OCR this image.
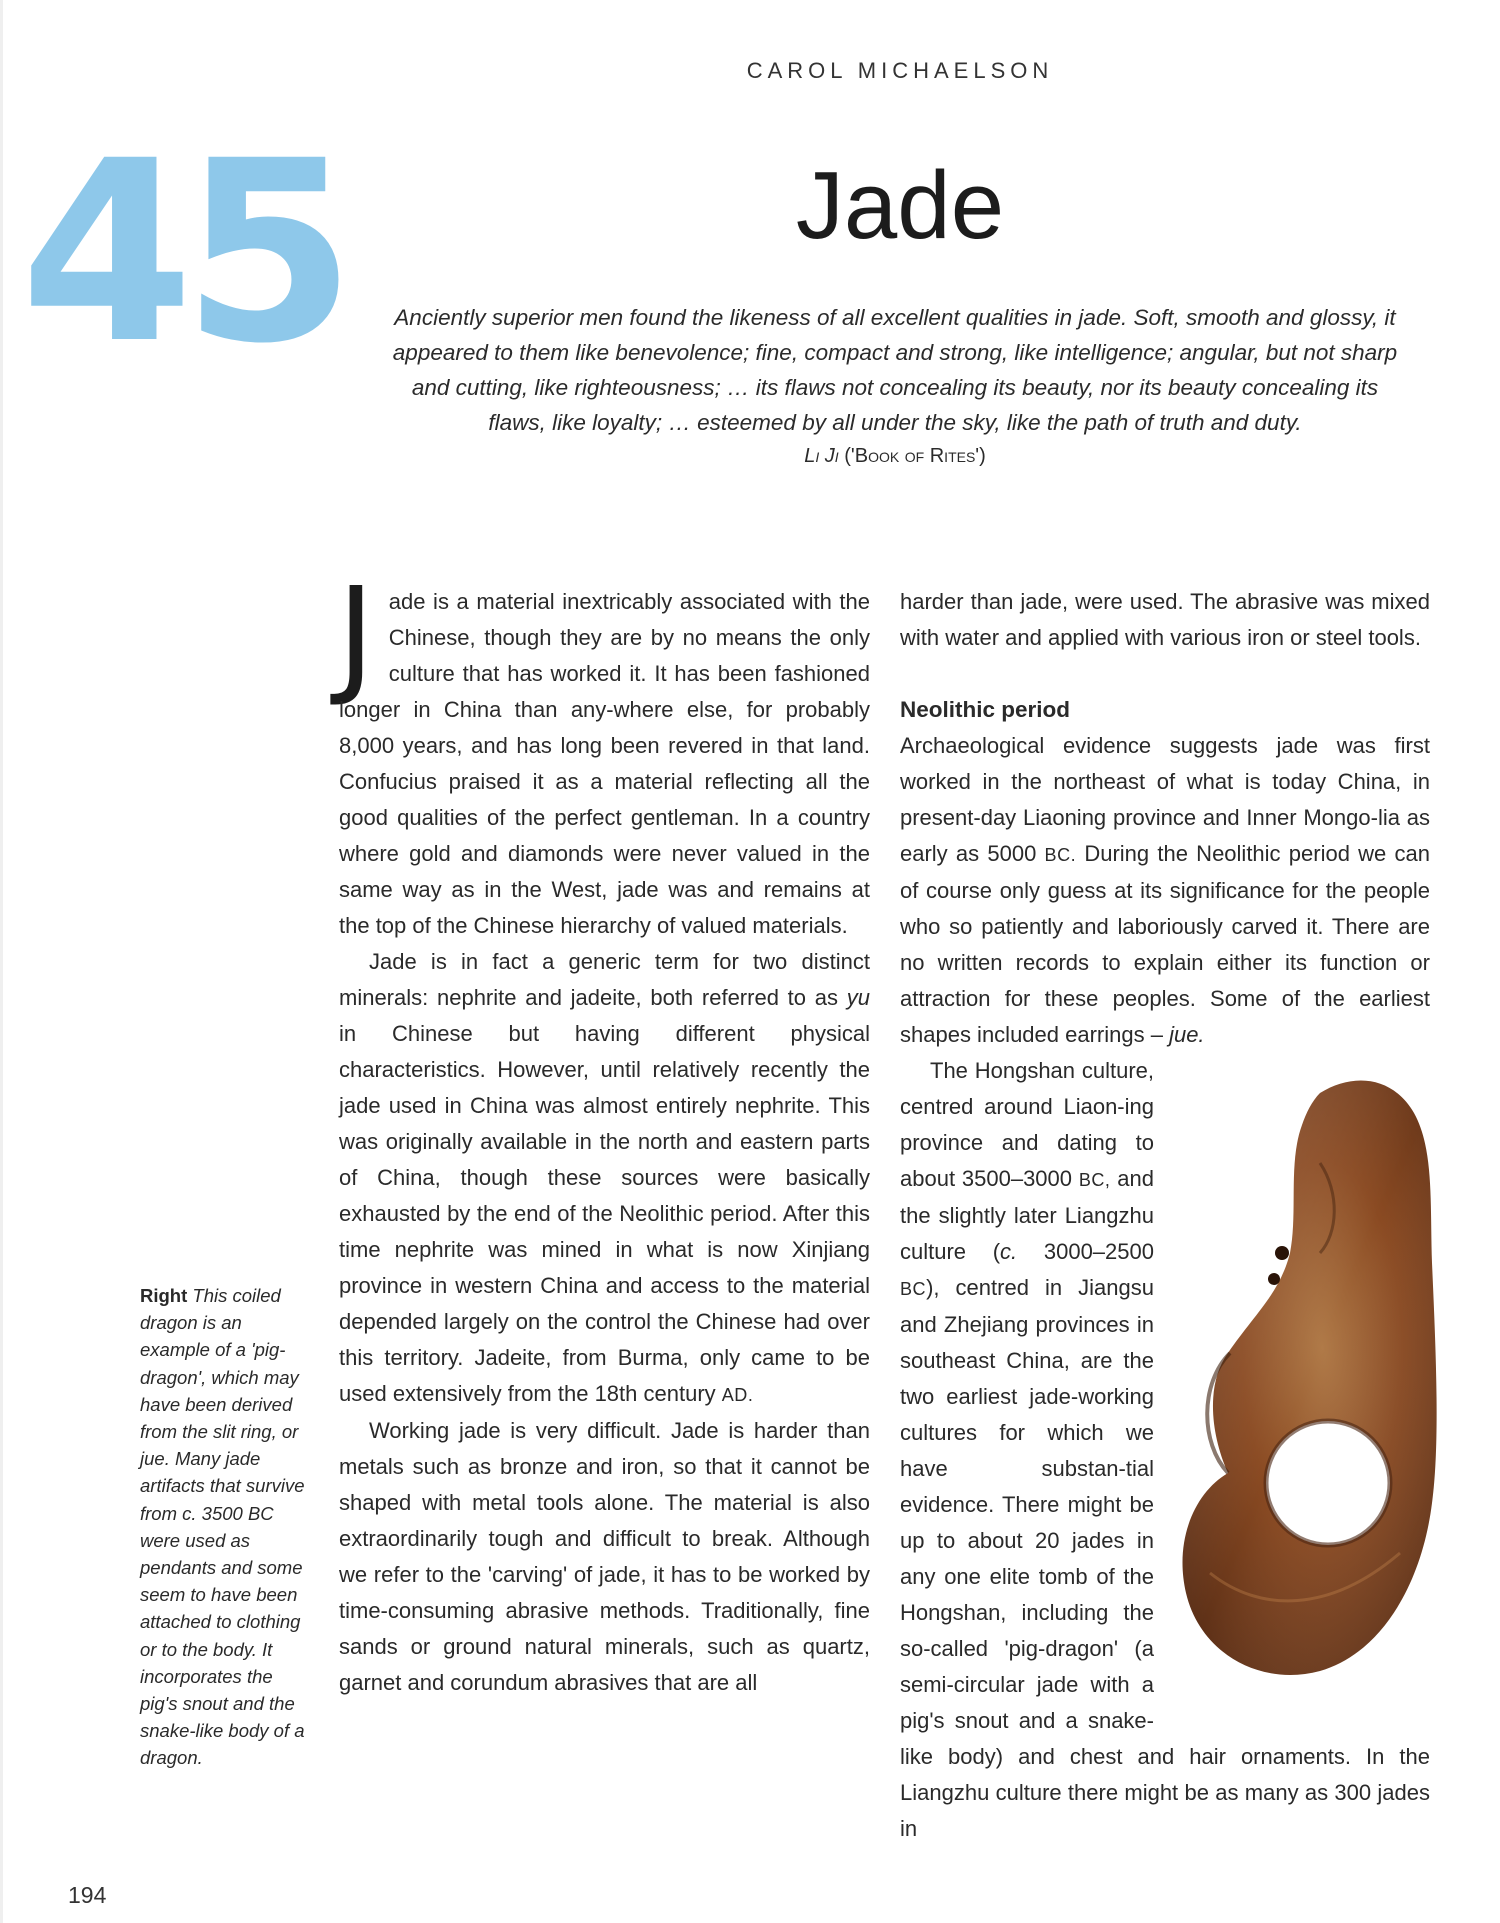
CAROL MICHAELSON
45	Jade

Anciently superior men found the likeness of all excellent qualities in jade. Soft, smooth and glossy, it appeared to them like benevolence; fine, compact and strong, like intelligence; angular, but not sharp and cutting, like righteousness; … its flaws not concealing its beauty, nor its beauty concealing its flaws, like loyalty; … esteemed by all under the sky, like the path of truth and duty.

Li Ji ('Book of Rites')
Right This coiled dragon is an example of a 'pig-dragon', which may have been derived from the slit ring, or jue. Many jade artifacts that survive from c. 3500 BC were used as pendants and some seem to have been attached to clothing or to the body. It incorporates the pig's snout and the snake-like body of a dragon.

Jade is a material inextricably associated with the Chinese, though they are by no means the only culture that has worked it. It has been fashioned longer in China than any-where else, for probably 8,000 years, and has long been revered in that land. Confucius praised it as a material reflecting all the good qualities of the perfect gentleman. In a country where gold and diamonds were never valued in the same way as in the West, jade was and remains at the top of the Chinese hierarchy of valued materials.

Jade is in fact a generic term for two distinct minerals: nephrite and jadeite, both referred to as yu in Chinese but having different physical characteristics. However, until relatively recently the jade used in China was almost entirely nephrite. This was originally available in the north and eastern parts of China, though these sources were basically exhausted by the end of the Neolithic period. After this time nephrite was mined in what is now Xinjiang province in western China and access to the material depended largely on the control the Chinese had over this territory. Jadeite, from Burma, only came to be used extensively from the 18th century AD.

Working jade is very difficult. Jade is harder than metals such as bronze and iron, so that it cannot be shaped with metal tools alone. The material is also extraordinarily tough and difficult to break. Although we refer to the 'carving' of jade, it has to be worked by time-consuming abrasive methods. Traditionally, fine sands or ground natural minerals, such as quartz, garnet and corundum abrasives that are all

harder than jade, were used. The abrasive was mixed with water and applied with various iron or steel tools.

Neolithic period

Archaeological evidence suggests jade was first worked in the northeast of what is today China, in present-day Liaoning province and Inner Mongo-lia as early as 5000 BC. During the Neolithic period we can of course only guess at its significance for the people who so patiently and laboriously carved it. There are no written records to explain either its function or attraction for these peoples. Some of the earliest shapes included earrings – jue.

The Hongshan culture, centred around Liaon-ing province and dating to about 3500–3000 BC, and the slightly later Liangzhu culture (c. 3000–2500 BC), centred in Jiangsu and Zhejiang provinces in southeast China, are the two earliest jade-working cultures for which we have substan-tial evidence. There might be up to about 20 jades in any one elite tomb of the Hongshan, including the so-called 'pig-dragon' (a semi-circular jade with a pig's snout and a snake-like body) and chest and hair ornaments. In the Liangzhu culture there might be as many as 300 jades in

194
